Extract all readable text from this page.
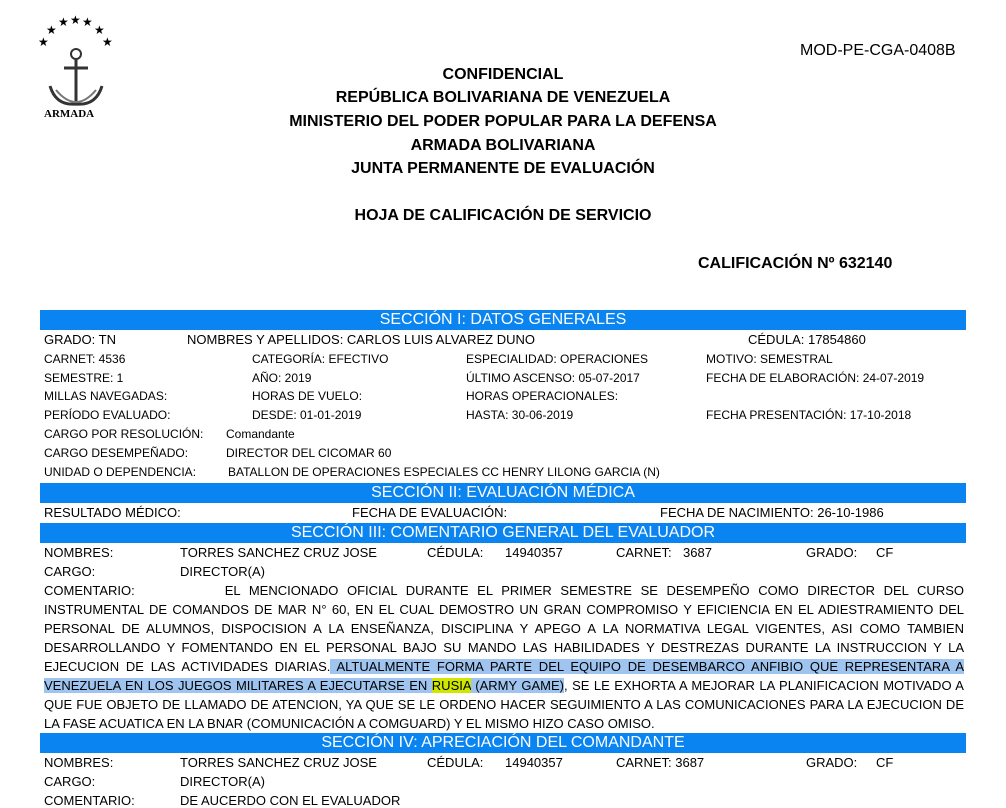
★
★
★ ★ ★
★
★
ARMADA
MOD-PE-CGA-0408B
CONFIDENCIAL
REPÚBLICA BOLIVARIANA DE VENEZUELA
MINISTERIO DEL PODER POPULAR PARA LA DEFENSA
ARMADA BOLIVARIANA
JUNTA PERMANENTE DE EVALUACIÓN
HOJA DE CALIFICACIÓN DE SERVICIO
CALIFICACIÓN Nº 632140
SECCIÓN I: DATOS GENERALES
GRADO: TN	NOMBRES Y APELLIDOS: CARLOS LUIS ALVAREZ DUNO	CÉDULA: 17854860
CARNET: 4536	CATEGORÍA: EFECTIVO	ESPECIALIDAD: OPERACIONES	MOTIVO: SEMESTRAL
SEMESTRE: 1	AÑO: 2019	ÚLTIMO ASCENSO: 05-07-2017	FECHA DE ELABORACIÓN: 24-07-2019
MILLAS NAVEGADAS:	HORAS DE VUELO:	HORAS OPERACIONALES:
PERÍODO EVALUADO:	DESDE: 01-01-2019	HASTA: 30-06-2019	FECHA PRESENTACIÓN: 17-10-2018
CARGO POR RESOLUCIÓN: Comandante
CARGO DESEMPEÑADO:	DIRECTOR DEL CICOMAR 60
UNIDAD O DEPENDENCIA:	BATALLON DE OPERACIONES ESPECIALES CC HENRY LILONG GARCIA (N)
SECCIÓN II: EVALUACIÓN MÉDICA
RESULTADO MÉDICO:	FECHA DE EVALUACIÓN:	FECHA DE NACIMIENTO: 26-10-1986
SECCIÓN III: COMENTARIO GENERAL DEL EVALUADOR
NOMBRES:	TORRES SANCHEZ CRUZ JOSE	CÉDULA: 14940357	CARNET: 3687	GRADO: CF
CARGO:	DIRECTOR(A)
COMENTARIO:	EL MENCIONADO OFICIAL DURANTE EL PRIMER SEMESTRE SE DESEMPEÑO COMO DIRECTOR DEL CURSO INSTRUMENTAL DE COMANDOS DE MAR N° 60, EN EL CUAL DEMOSTRO UN GRAN COMPROMISO Y EFICIENCIA EN EL ADIESTRAMIENTO DEL PERSONAL DE ALUMNOS, DISPOCISION A LA ENSEÑANZA, DISCIPLINA Y APEGO A LA NORMATIVA LEGAL VIGENTES, ASI COMO TAMBIEN DESARROLLANDO Y FOMENTANDO EN EL PERSONAL BAJO SU MANDO LAS HABILIDADES Y DESTREZAS DURANTE LA INSTRUCCION Y LA EJECUCION DE LAS ACTIVIDADES DIARIAS. ALTUALMENTE FORMA PARTE DEL EQUIPO DE DESEMBARCO ANFIBIO QUE REPRESENTARA A VENEZUELA EN LOS JUEGOS MILITARES A EJECUTARSE EN RUSIA (ARMY GAME), SE LE EXHORTA A MEJORAR LA PLANIFICACION MOTIVADO A QUE FUE OBJETO DE LLAMADO DE ATENCION, YA QUE SE LE ORDENO HACER SEGUIMIENTO A LAS COMUNICACIONES PARA LA EJECUCION DE LA FASE ACUATICA EN LA BNAR (COMUNICACIÓN A COMGUARD) Y EL MISMO HIZO CASO OMISO.
SECCIÓN IV: APRECIACIÓN DEL COMANDANTE
NOMBRES:	TORRES SANCHEZ CRUZ JOSE	CÉDULA: 14940357	CARNET: 3687	GRADO: CF
CARGO:	DIRECTOR(A)
COMENTARIO:	DE AUCERDO CON EL EVALUADOR
